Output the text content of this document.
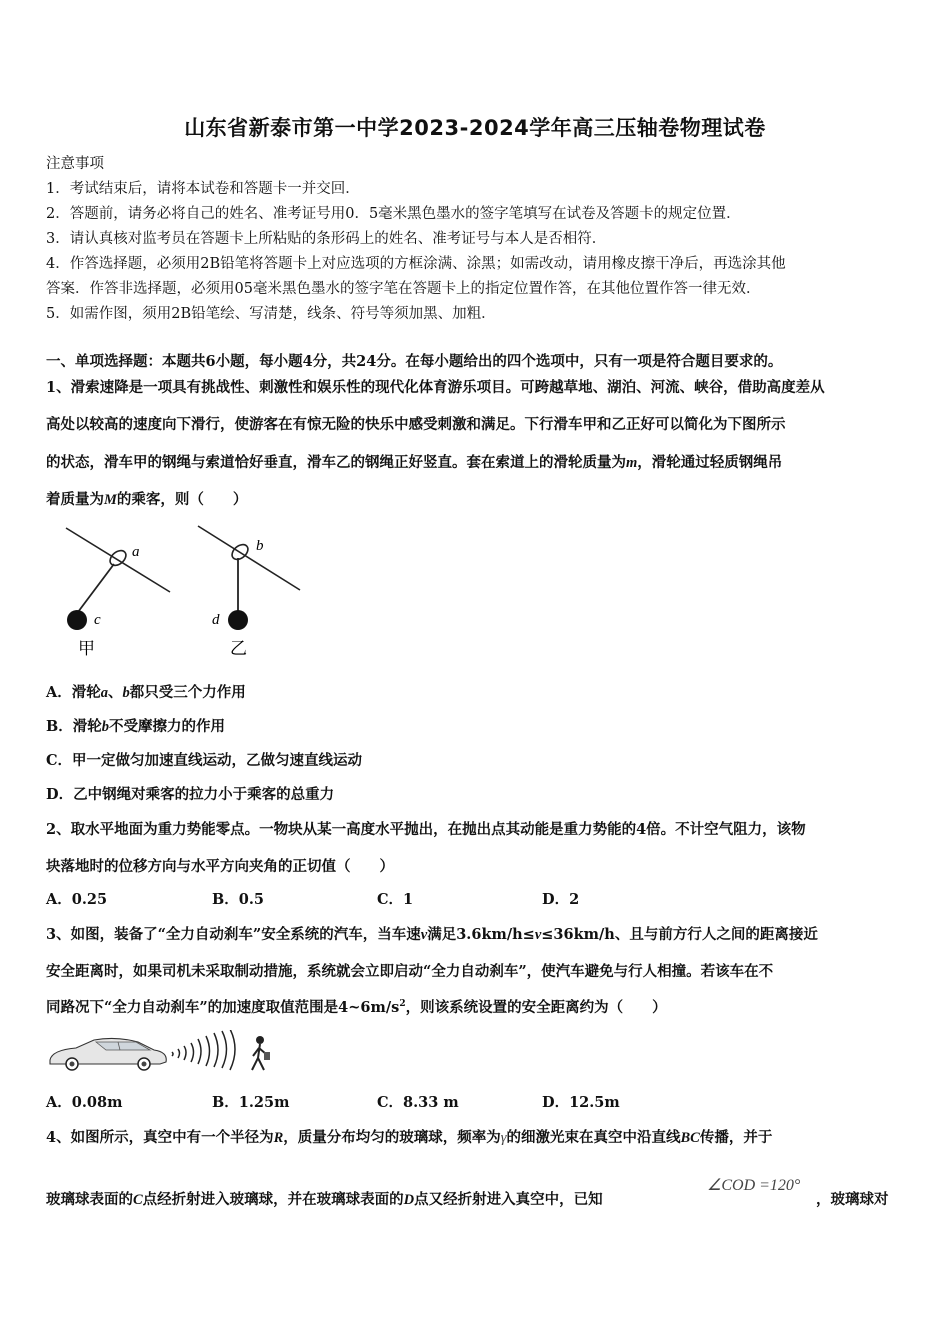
山东省新泰市第一中学2023-2024学年高三压轴卷物理试卷
注意事项
1．考试结束后，请将本试卷和答题卡一并交回．
2．答题前，请务必将自己的姓名、准考证号用0．5毫米黑色墨水的签字笔填写在试卷及答题卡的规定位置．
3．请认真核对监考员在答题卡上所粘贴的条形码上的姓名、准考证号与本人是否相符．
4．作答选择题，必须用2B铅笔将答题卡上对应选项的方框涂满、涂黑；如需改动，请用橡皮擦干净后，再选涂其他
答案．作答非选择题，必须用05毫米黑色墨水的签字笔在答题卡上的指定位置作答，在其他位置作答一律无效．
5．如需作图，须用2B铅笔绘、写清楚，线条、符号等须加黑、加粗．
一、单项选择题：本题共6小题，每小题4分，共24分。在每小题给出的四个选项中，只有一项是符合题目要求的。
1、滑索速降是一项具有挑战性、刺激性和娱乐性的现代化体育游乐项目。可跨越草地、湖泊、河流、峡谷，借助高度差从
高处以较高的速度向下滑行，使游客在有惊无险的快乐中感受刺激和满足。下行滑车甲和乙正好可以简化为下图所示
的状态，滑车甲的钢绳与索道恰好垂直，滑车乙的钢绳正好竖直。套在索道上的滑轮质量为m，滑轮通过轻质钢绳吊
着质量为M的乘客，则（　　）
a
c
甲
b
d
乙
A．滑轮a、b都只受三个力作用
B．滑轮b不受摩擦力的作用
C．甲一定做匀加速直线运动，乙做匀速直线运动
D．乙中钢绳对乘客的拉力小于乘客的总重力
2、取水平地面为重力势能零点。一物块从某一高度水平抛出，在抛出点其动能是重力势能的4倍。不计空气阻力，该物
块落地时的位移方向与水平方向夹角的正切值（　　）
A．0.25	B．0.5	C．1	D．2
3、如图，装备了“全力自动刹车”安全系统的汽车，当车速v满足3.6km/h≤v≤36km/h、且与前方行人之间的距离接近
安全距离时，如果司机未采取制动措施，系统就会立即启动“全力自动刹车”，使汽车避免与行人相撞。若该车在不
同路况下“全力自动刹车”的加速度取值范围是$4\sim 6m/s^2$，则该系统设置的安全距离约为（　　）
A．0.08m	B．1.25m	C．8.33 m	D．12.5m
4、如图所示，真空中有一个半径为R，质量分布均匀的玻璃球，频率为γ的细激光束在真空中沿直线BC传播，并于
玻璃球表面的C点经折射进入玻璃球，并在玻璃球表面的D点又经折射进入真空中，已知
∠COD =120°
，玻璃球对
